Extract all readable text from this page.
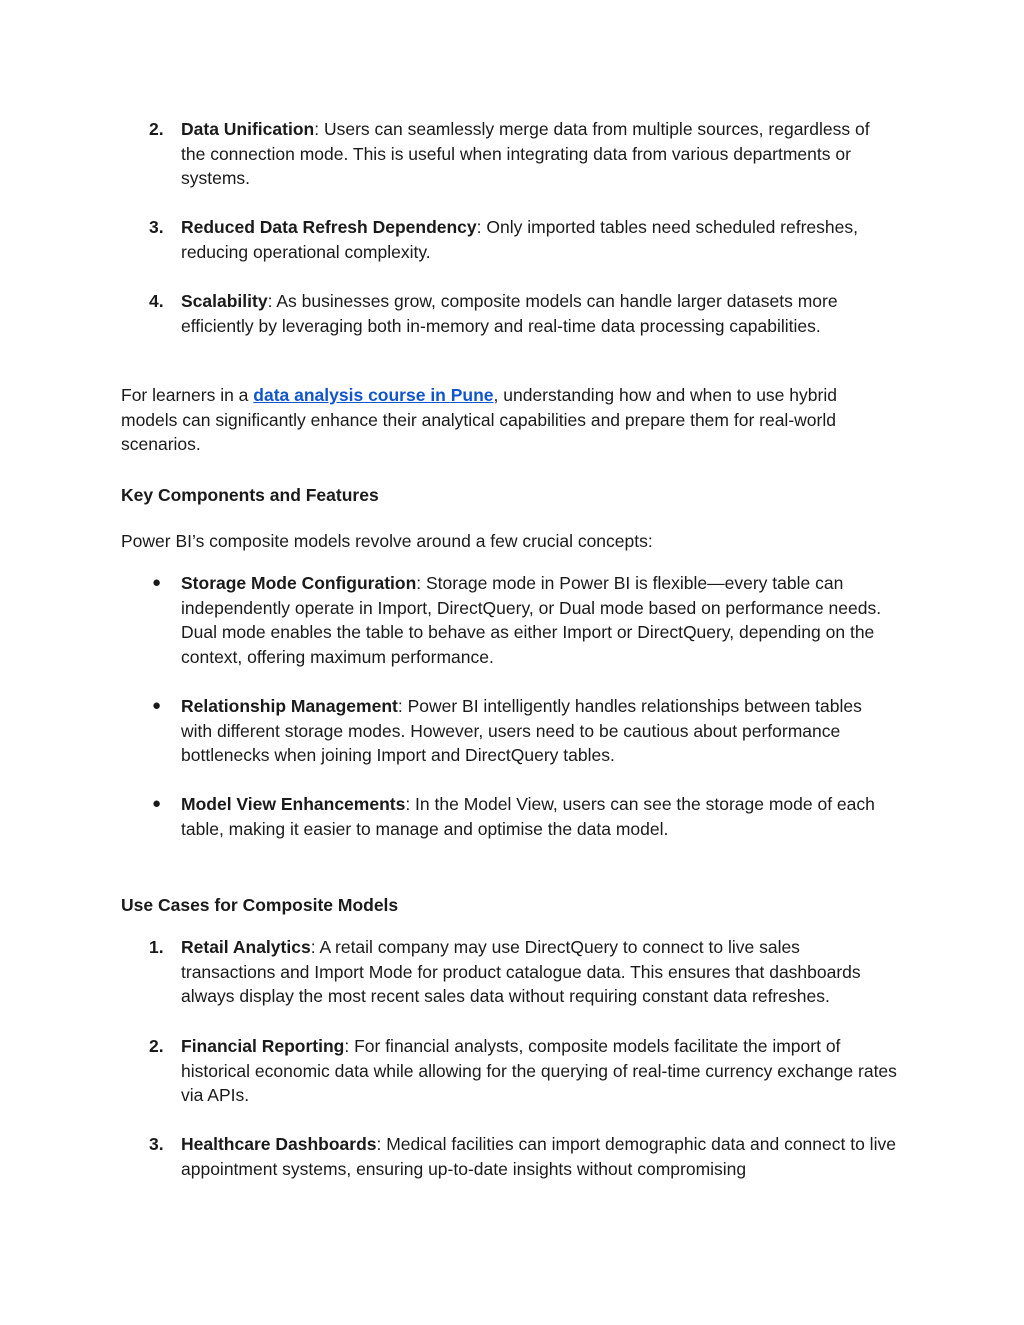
2. Data Unification: Users can seamlessly merge data from multiple sources, regardless of the connection mode. This is useful when integrating data from various departments or systems.
3. Reduced Data Refresh Dependency: Only imported tables need scheduled refreshes, reducing operational complexity.
4. Scalability: As businesses grow, composite models can handle larger datasets more efficiently by leveraging both in-memory and real-time data processing capabilities.
For learners in a data analysis course in Pune, understanding how and when to use hybrid models can significantly enhance their analytical capabilities and prepare them for real-world scenarios.
Key Components and Features
Power BI’s composite models revolve around a few crucial concepts:
●	Storage Mode Configuration: Storage mode in Power BI is flexible—every table can independently operate in Import, DirectQuery, or Dual mode based on performance needs. Dual mode enables the table to behave as either Import or DirectQuery, depending on the context, offering maximum performance.
●	Relationship Management: Power BI intelligently handles relationships between tables with different storage modes. However, users need to be cautious about performance bottlenecks when joining Import and DirectQuery tables.
●	Model View Enhancements: In the Model View, users can see the storage mode of each table, making it easier to manage and optimise the data model.
Use Cases for Composite Models
1. Retail Analytics: A retail company may use DirectQuery to connect to live sales transactions and Import Mode for product catalogue data. This ensures that dashboards always display the most recent sales data without requiring constant data refreshes.
2. Financial Reporting: For financial analysts, composite models facilitate the import of historical economic data while allowing for the querying of real-time currency exchange rates via APIs.
3. Healthcare Dashboards: Medical facilities can import demographic data and connect to live appointment systems, ensuring up-to-date insights without compromising
